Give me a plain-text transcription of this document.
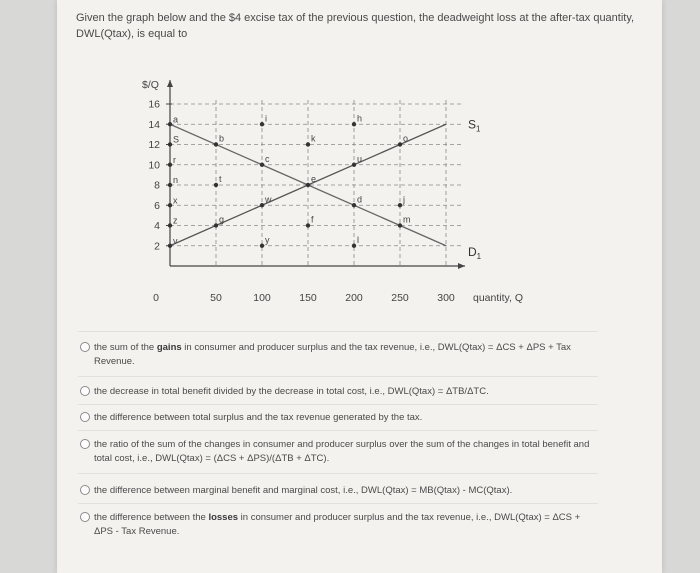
Given the graph below and the $4 excise tax of the previous question, the deadweight loss at the after-tax quantity, DWL(Qtax), is equal to
$S_1$
$D_1$
2
4
6
8
10
12
14
16
0	50	100	150	200	250	300
$/Q
quantity, Q
a
S
r
n
x
z
v
b
t
g
i
c
w
y
k
e
f
h
u
d
l
o
j
m
the sum of the gains in consumer and producer surplus and the tax revenue, i.e., DWL(Qtax) = ΔCS + ΔPS + Tax Revenue.
the decrease in total benefit divided by the decrease in total cost, i.e., DWL(Qtax) = ΔTB/ΔTC.
the difference between total surplus and the tax revenue generated by the tax.
the ratio of the sum of the changes in consumer and producer surplus over the sum of the changes in total benefit and total cost, i.e., DWL(Qtax) = (ΔCS + ΔPS)/(ΔTB + ΔTC).
the difference between marginal benefit and marginal cost, i.e., DWL(Qtax) = MB(Qtax) - MC(Qtax).
the difference between the losses in consumer and producer surplus and the tax revenue, i.e., DWL(Qtax) = ΔCS + ΔPS - Tax Revenue.
